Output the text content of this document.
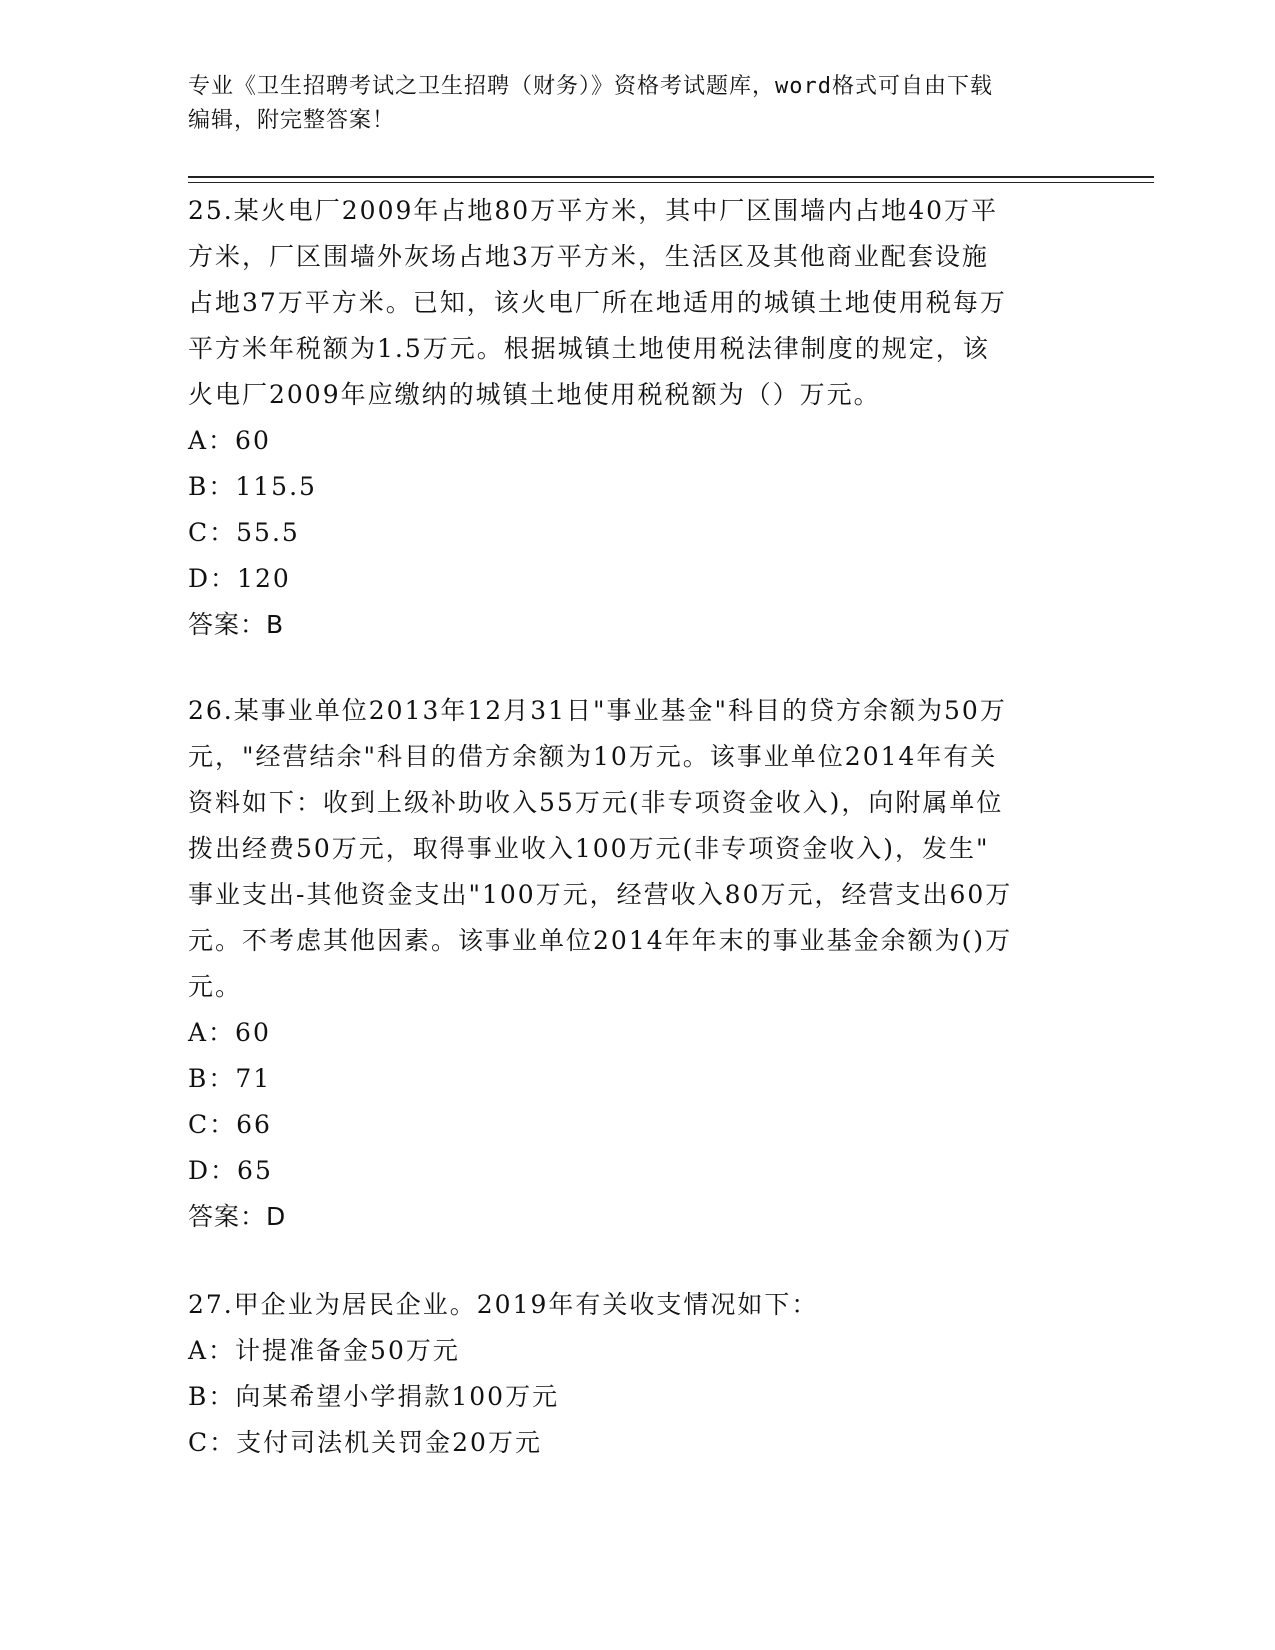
专业《卫生招聘考试之卫生招聘（财务）》资格考试题库，word格式可自由下载
编辑，附完整答案！
25.某火电厂2009年占地80万平方米，其中厂区围墙内占地40万平
方米，厂区围墙外灰场占地3万平方米，生活区及其他商业配套设施
占地37万平方米。已知，该火电厂所在地适用的城镇土地使用税每万
平方米年税额为1.5万元。根据城镇土地使用税法律制度的规定，该
火电厂2009年应缴纳的城镇土地使用税税额为（）万元。
A：60
B：115.5
C：55.5
D：120
答案：B
26.某事业单位2013年12月31日"事业基金"科目的贷方余额为50万
元，"经营结余"科目的借方余额为10万元。该事业单位2014年有关
资料如下：收到上级补助收入55万元(非专项资金收入)，向附属单位
拨出经费50万元，取得事业收入100万元(非专项资金收入)，发生"
事业支出-其他资金支出"100万元，经营收入80万元，经营支出60万
元。不考虑其他因素。该事业单位2014年年末的事业基金余额为()万
元。
A：60
B：71
C：66
D：65
答案：D
27.甲企业为居民企业。2019年有关收支情况如下：
A：计提准备金50万元
B：向某希望小学捐款100万元
C：支付司法机关罚金20万元
